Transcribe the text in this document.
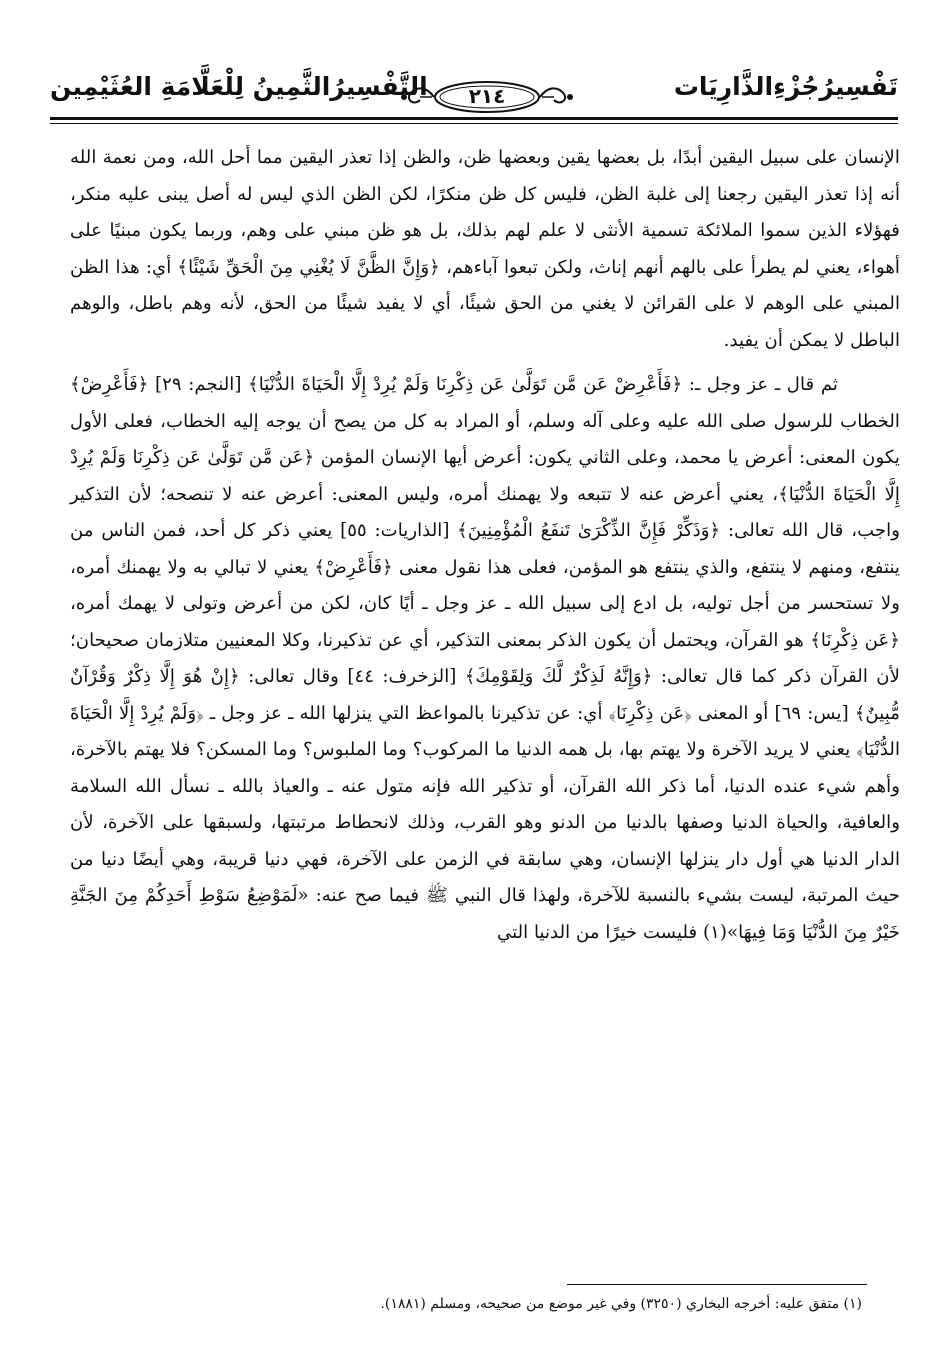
تَفْسِيرُجُزْءِالذَّارِيَات
٢١٤
التَّفْسِيرُالثَّمِينُ لِلْعَلَّامَةِ العُثَيْمِين

الإنسان على سبيل اليقين أبدًا، بل بعضها يقين وبعضها ظن، والظن إذا تعذر اليقين مما أحل الله، ومن نعمة الله أنه إذا تعذر اليقين رجعنا إلى غلبة الظن، فليس كل ظن منكرًا، لكن الظن الذي ليس له أصل يبنى عليه منكر، فهؤلاء الذين سموا الملائكة تسمية الأنثى لا علم لهم بذلك، بل هو ظن مبني على وهم، وربما يكون مبنيًا على أهواء، يعني لم يطرأ على بالهم أنهم إناث، ولكن تبعوا آباءهم، ﴿وَإِنَّ الظَّنَّ لَا يُغْنِي مِنَ الْحَقِّ شَيْئًا﴾ أي: هذا الظن المبني على الوهم لا على القرائن لا يغني من الحق شيئًا، أي لا يفيد شيئًا من الحق، لأنه وهم باطل، والوهم الباطل لا يمكن أن يفيد.

ثم قال ـ عز وجل ـ: ﴿فَأَعْرِضْ عَن مَّن تَوَلَّىٰ عَن ذِكْرِنَا وَلَمْ يُرِدْ إِلَّا الْحَيَاةَ الدُّنْيَا﴾ [النجم: ٢٩] ﴿فَأَعْرِضْ﴾ الخطاب للرسول صلى الله عليه وعلى آله وسلم، أو المراد به كل من يصح أن يوجه إليه الخطاب، فعلى الأول يكون المعنى: أعرض يا محمد، وعلى الثاني يكون: أعرض أيها الإنسان المؤمن ﴿عَن مَّن تَوَلَّىٰ عَن ذِكْرِنَا وَلَمْ يُرِدْ إِلَّا الْحَيَاةَ الدُّنْيَا﴾، يعني أعرض عنه لا تتبعه ولا يهمنك أمره، وليس المعنى: أعرض عنه لا تنصحه؛ لأن التذكير واجب، قال الله تعالى: ﴿وَذَكِّرْ فَإِنَّ الذِّكْرَىٰ تَنفَعُ الْمُؤْمِنِينَ﴾ [الذاريات: ٥٥] يعني ذكر كل أحد، فمن الناس من ينتفع، ومنهم لا ينتفع، والذي ينتفع هو المؤمن، فعلى هذا نقول معنى ﴿فَأَعْرِضْ﴾ يعني لا تبالي به ولا يهمنك أمره، ولا تستحسر من أجل توليه، بل ادع إلى سبيل الله ـ عز وجل ـ أيًا كان، لكن من أعرض وتولى لا يهمك أمره، ﴿عَن ذِكْرِنَا﴾ هو القرآن، ويحتمل أن يكون الذكر بمعنى التذكير، أي عن تذكيرنا، وكلا المعنيين متلازمان صحيحان؛ لأن القرآن ذكر كما قال تعالى: ﴿وَإِنَّهُ لَذِكْرٌ لَّكَ وَلِقَوْمِكَ﴾ [الزخرف: ٤٤] وقال تعالى: ﴿إِنْ هُوَ إِلَّا ذِكْرٌ وَقُرْآنٌ مُّبِينٌ﴾ [يس: ٦٩] أو المعنى ﴿عَن ذِكْرِنَا﴾ أي: عن تذكيرنا بالمواعظ التي ينزلها الله ـ عز وجل ـ ﴿وَلَمْ يُرِدْ إِلَّا الْحَيَاةَ الدُّنْيَا﴾ يعني لا يريد الآخرة ولا يهتم بها، بل همه الدنيا ما المركوب؟ وما الملبوس؟ وما المسكن؟ فلا يهتم بالآخرة، وأهم شيء عنده الدنيا، أما ذكر الله القرآن، أو تذكير الله فإنه متول عنه ـ والعياذ بالله ـ نسأل الله السلامة والعافية، والحياة الدنيا وصفها بالدنيا من الدنو وهو القرب، وذلك لانحطاط مرتبتها، ولسبقها على الآخرة، لأن الدار الدنيا هي أول دار ينزلها الإنسان، وهي سابقة في الزمن على الآخرة، فهي دنيا قريبة، وهي أيضًا دنيا من حيث المرتبة، ليست بشيء بالنسبة للآخرة، ولهذا قال النبي ﷺ فيما صح عنه: «لَمَوْضِعُ سَوْطِ أَحَدِكُمْ مِنَ الجَنَّةِ خَيْرٌ مِنَ الدُّنْيَا وَمَا فِيهَا»(١) فليست خيرًا من الدنيا التي

(١) متفق عليه: أخرجه البخاري (٣٢٥٠) وفي غير موضع من صحيحه، ومسلم (١٨٨١).
